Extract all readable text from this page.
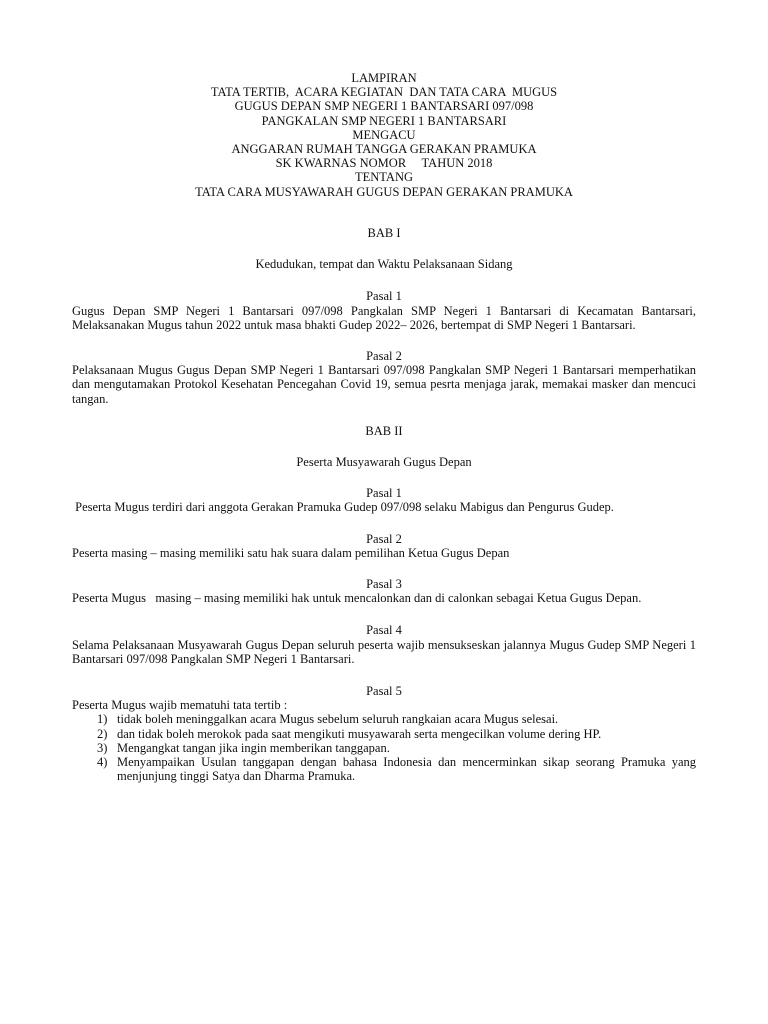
LAMPIRAN
TATA TERTIB,  ACARA KEGIATAN  DAN TATA CARA  MUGUS
GUGUS DEPAN SMP NEGERI 1 BANTARSARI 097/098
PANGKALAN SMP NEGERI 1 BANTARSARI
MENGACU
ANGGARAN RUMAH TANGGA GERAKAN PRAMUKA
SK KWARNAS NOMOR     TAHUN 2018
TENTANG
TATA CARA MUSYAWARAH GUGUS DEPAN GERAKAN PRAMUKA
BAB I
Kedudukan, tempat dan Waktu Pelaksanaan Sidang
Pasal 1
Gugus Depan SMP Negeri 1 Bantarsari 097/098 Pangkalan SMP Negeri 1 Bantarsari di Kecamatan Bantarsari, Melaksanakan Mugus tahun 2022 untuk masa bhakti Gudep 2022– 2026, bertempat di SMP Negeri 1 Bantarsari.
Pasal 2
Pelaksanaan Mugus Gugus Depan SMP Negeri 1 Bantarsari 097/098 Pangkalan SMP Negeri 1 Bantarsari memperhatikan dan mengutamakan Protokol Kesehatan Pencegahan Covid 19, semua pesrta menjaga jarak, memakai masker dan mencuci tangan.
BAB II
Peserta Musyawarah Gugus Depan
Pasal 1
Peserta Mugus terdiri dari anggota Gerakan Pramuka Gudep 097/098 selaku Mabigus dan Pengurus Gudep.
Pasal 2
Peserta masing – masing memiliki satu hak suara dalam pemilihan Ketua Gugus Depan
Pasal 3
Peserta Mugus   masing – masing memiliki hak untuk mencalonkan dan di calonkan sebagai Ketua Gugus Depan.
Pasal 4
Selama Pelaksanaan Musyawarah Gugus Depan seluruh peserta wajib mensukseskan jalannya Mugus Gudep SMP Negeri 1 Bantarsari 097/098 Pangkalan SMP Negeri 1 Bantarsari.
Pasal 5
Peserta Mugus wajib mematuhi tata tertib :
1) tidak boleh meninggalkan acara Mugus sebelum seluruh rangkaian acara Mugus selesai.
2) dan tidak boleh merokok pada saat mengikuti musyawarah serta mengecilkan volume dering HP.
3) Mengangkat tangan jika ingin memberikan tanggapan.
4) Menyampaikan Usulan tanggapan dengan bahasa Indonesia dan mencerminkan sikap seorang Pramuka yang menjunjung tinggi Satya dan Dharma Pramuka.
